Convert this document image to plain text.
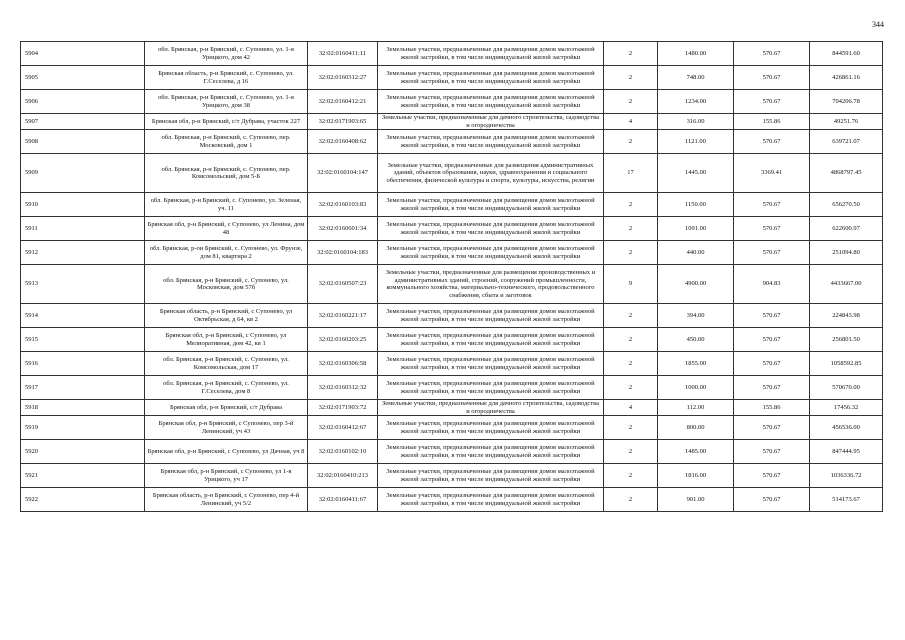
344
5904	обл. Брянская, р-н Брянский, с. Супонево, ул. 1-я Урицкого, дом 42	32:02:0160411:11	Земельные участки, предназначенные для размещения домов малоэтажной жилой застройки, в том числе индивидуальной жилой застройки	2	1480.00	570.67	844591.60
5905	Брянская область, р-н Брянский, с. Супонево, ул. Г.Сеселева, д 16	32:02:0160312:27	Земельные участки, предназначенные для размещения домов малоэтажной жилой застройки, в том числе индивидуальной жилой застройки	2	748.00	570.67	426861.16
5906	обл. Брянская, р-н Брянский, с. Супонево, ул. 1-я Урицкого, дом 38	32:02:0160412:21	Земельные участки, предназначенные для размещения домов малоэтажной жилой застройки, в том числе индивидуальной жилой застройки	2	1234.00	570.67	704206.78
5907	Брянская обл, р-н Брянский, с/т Дубрава, участок 227	32:02:0171903:65	Земельные участки, предназначенные для дачного строительства, садоводства и огородничества	4	316.00	155.86	49251.76
5908	обл. Брянская, р-н Брянский, с. Супонево, пер. Московский, дом 1	32:02:0160408:62	Земельные участки, предназначенные для размещения домов малоэтажной жилой застройки, в том числе индивидуальной жилой застройки	2	1121.00	570.67	639721.07
5909	обл. Брянская, р-н Брянский, с. Супонево, пер. Комсомольский, дом 5-Б	32:02:0160104:147	Земельные участки, предназначенные для размещения административных зданий, объектов образования, науки, здравоохранения и социального обеспечения, физической культуры и спорта, культуры, искусства, религии	17	1445.00	3369.41	4868797.45
5910	обл. Брянская, р-н Брянский, с. Супонево, ул. Зеленая, уч. 11	32:02:0160103:83	Земельные участки, предназначенные для размещения домов малоэтажной жилой застройки, в том числе индивидуальной жилой застройки	2	1150.00	570.67	656270.50
5911	Брянская обл, р-н Брянский, с Супонево, ул Ленина, дом 48	32:02:0160601:34	Земельные участки, предназначенные для размещения домов малоэтажной жилой застройки, в том числе индивидуальной жилой застройки	2	1091.00	570.67	622600.97
5912	обл. Брянская, р-он Брянский, с. Супонево, ул. Фрунзе, дом 81, квартира 2	32:02:0160104:183	Земельные участки, предназначенные для размещения домов малоэтажной жилой застройки, в том числе индивидуальной жилой застройки	2	440.00	570.67	251094.80
5913	обл. Брянская, р-н Брянский, с. Супонево, ул. Московская, дом 57б	32:02:0160507:23	Земельные участки, предназначенные для размещения производственных и административных зданий, строений, сооружений промышленности, коммунального хозяйства, материально-технического, продовольственного снабжения, сбыта и заготовок	9	4900.00	904.83	4433667.00
5914	Брянская область, р-н Брянский, с Супонево, ул Октябрьская, д 64, кв 2	32:02:0160221:17	Земельные участки, предназначенные для размещения домов малоэтажной жилой застройки, в том числе индивидуальной жилой застройки	2	394.00	570.67	224843.98
5915	Брянская обл, р-н Брянский, с Супонево, ул Мелиоративная, дом 42, кв 1	32:02:0160203:25	Земельные участки, предназначенные для размещения домов малоэтажной жилой застройки, в том числе индивидуальной жилой застройки	2	450.00	570.67	256801.50
5916	обл. Брянская, р-н Брянский, с. Супонево, ул. Комсомольская, дом 17	32:02:0160306:58	Земельные участки, предназначенные для размещения домов малоэтажной жилой застройки, в том числе индивидуальной жилой застройки	2	1855.00	570.67	1058592.85
5917	обл. Брянская, р-н Брянский, с. Супонево, ул. Г.Сеселева, дом 8	32:02:0160312:32	Земельные участки, предназначенные для размещения домов малоэтажной жилой застройки, в том числе индивидуальной жилой застройки	2	1000.00	570.67	570670.00
5918	Брянская обл, р-н Брянский, с/т Дубрава	32:02:0171903:72	Земельные участки, предназначенные для дачного строительства, садоводства и огородничества	4	112.00	155.86	17456.32
5919	Брянская обл, р-н Брянский, с Супонево, пер 3-й Ленинский, уч 43	32:02:0160412:67	Земельные участки, предназначенные для размещения домов малоэтажной жилой застройки, в том числе индивидуальной жилой застройки	2	800.00	570.67	456536.00
5920	Брянская обл, р-н Брянский, с Супонево, ул Дачная, уч 8	32:02:0160102:10	Земельные участки, предназначенные для размещения домов малоэтажной жилой застройки, в том числе индивидуальной жилой застройки	2	1485.00	570.67	847444.95
5921	Брянская обл, р-н Брянский, с Супонево, ул 1-я Урицкого, уч 17	32:02:0160410:213	Земельные участки, предназначенные для размещения домов малоэтажной жилой застройки, в том числе индивидуальной жилой застройки	2	1816.00	570.67	1036336.72
5922	Брянская область, р-н Брянский, с Супонево, пер 4-й Ленинский, уч 5/2	32:02:0160411:67	Земельные участки, предназначенные для размещения домов малоэтажной жилой застройки, в том числе индивидуальной жилой застройки	2	901.00	570.67	514173.67
